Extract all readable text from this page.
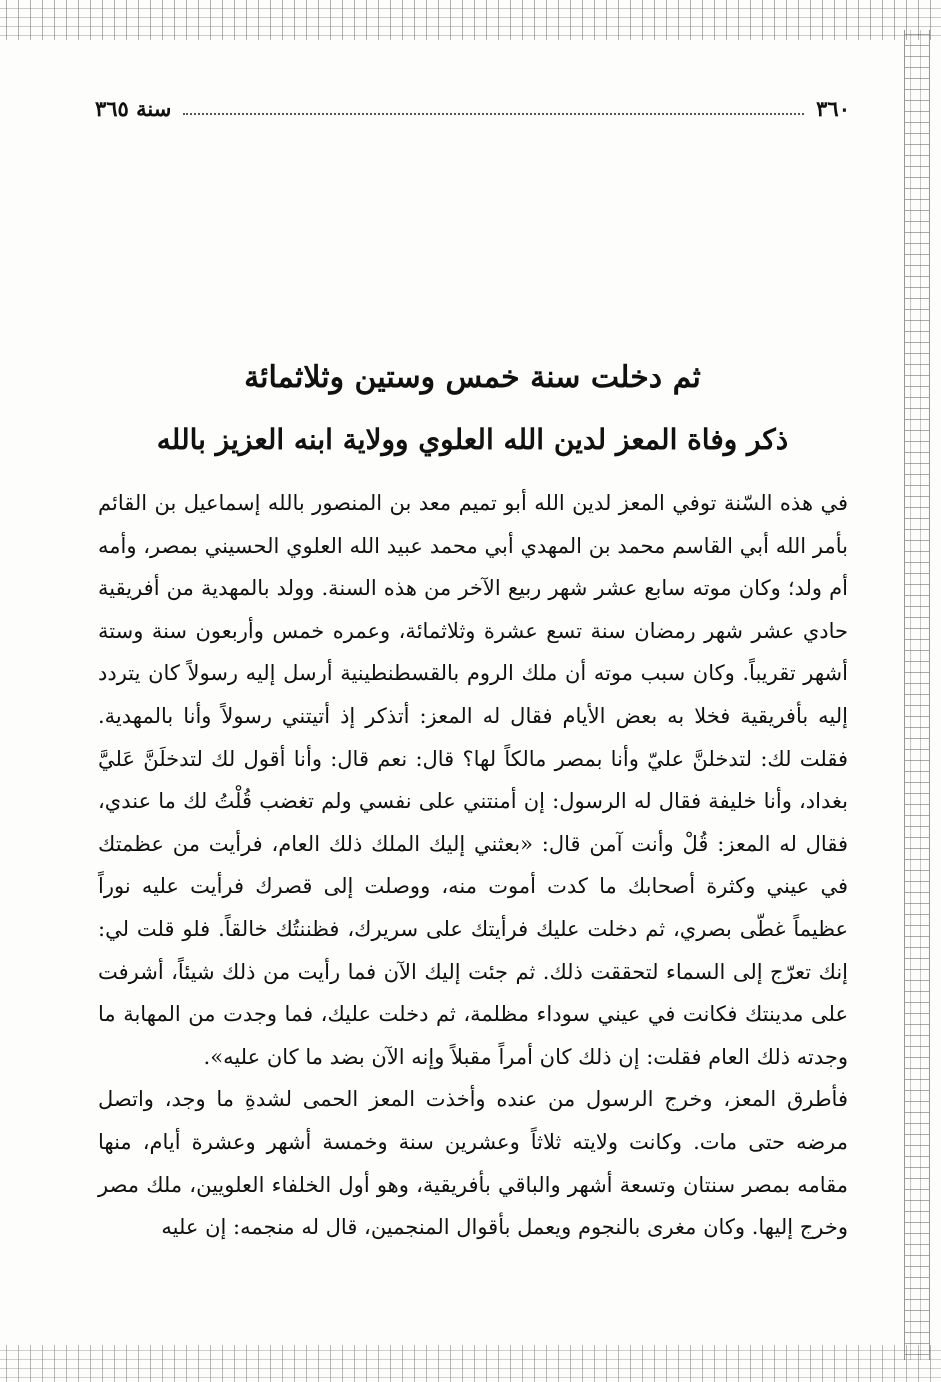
٣٦٠
سنة ٣٦٥
ثم دخلت سنة خمس وستين وثلاثمائة
ذكر وفاة المعز لدين الله العلوي وولاية ابنه العزيز بالله

في هذه السّنة توفي المعز لدين الله أبو تميم معد بن المنصور بالله إسماعيل بن القائم بأمر الله أبي القاسم محمد بن المهدي أبي محمد عبيد الله العلوي الحسيني بمصر، وأمه أم ولد؛ وكان موته سابع عشر شهر ربيع الآخر من هذه السنة. وولد بالمهدية من أفريقية حادي عشر شهر رمضان سنة تسع عشرة وثلاثمائة، وعمره خمس وأربعون سنة وستة أشهر تقريباً. وكان سبب موته أن ملك الروم بالقسطنطينية أرسل إليه رسولاً كان يتردد إليه بأفريقية فخلا به بعض الأيام فقال له المعز: أتذكر إذ أتيتني رسولاً وأنا بالمهدية. فقلت لك: لتدخلنَّ عليّ وأنا بمصر مالكاً لها؟ قال: نعم قال: وأنا أقول لك لتدخلَنَّ عَليَّ بغداد، وأنا خليفة فقال له الرسول: إن أمنتني على نفسي ولم تغضب قُلْتُ لك ما عندي، فقال له المعز: قُلْ وأنت آمن قال: «بعثني إليك الملك ذلك العام، فرأيت من عظمتك في عيني وكثرة أصحابك ما كدت أموت منه، ووصلت إلى قصرك فرأيت عليه نوراً عظيماً غطّى بصري، ثم دخلت عليك فرأيتك على سريرك، فظننتُك خالقاً. فلو قلت لي: إنك تعرّج إلى السماء لتحققت ذلك. ثم جئت إليك الآن فما رأيت من ذلك شيئاً، أشرفت على مدينتك فكانت في عيني سوداء مظلمة، ثم دخلت عليك، فما وجدت من المهابة ما وجدته ذلك العام فقلت: إن ذلك كان أمراً مقبلاً وإنه الآن بضد ما كان عليه».

فأطرق المعز، وخرج الرسول من عنده وأخذت المعز الحمى لشدةِ ما وجد، واتصل مرضه حتى مات. وكانت ولايته ثلاثاً وعشرين سنة وخمسة أشهر وعشرة أيام، منها مقامه بمصر سنتان وتسعة أشهر والباقي بأفريقية، وهو أول الخلفاء العلويين، ملك مصر وخرج إليها. وكان مغرى بالنجوم ويعمل بأقوال المنجمين، قال له منجمه: إن عليه
